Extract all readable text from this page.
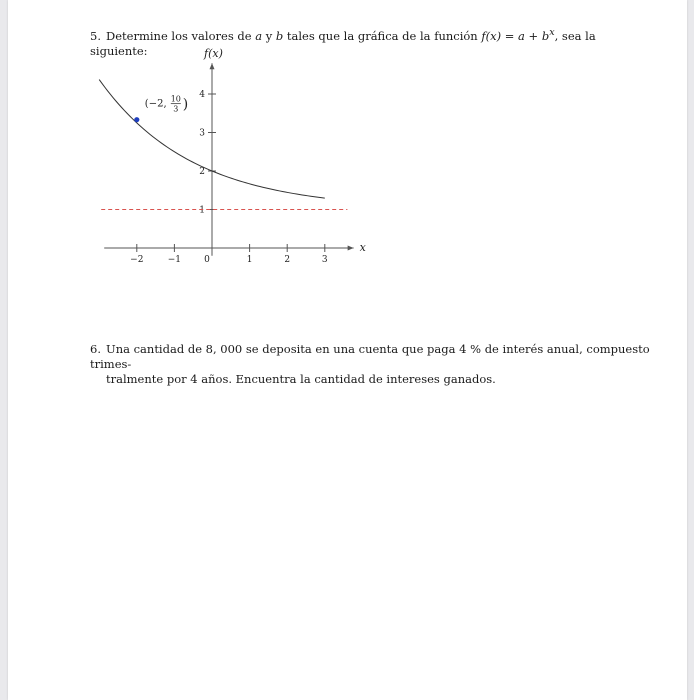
5. Determine los valores de a y b tales que la gráfica de la función $f(x) = a + b^x$, sea la siguiente:
x
f(x)
−2	−1	0	1	2	3
1
2
3
4
(−2, 10
3 )
6. Una cantidad de 8, 000 se deposita en una cuenta que paga 4 % de interés anual, compuesto trimes-
tralmente por 4 años. Encuentra la cantidad de intereses ganados.
